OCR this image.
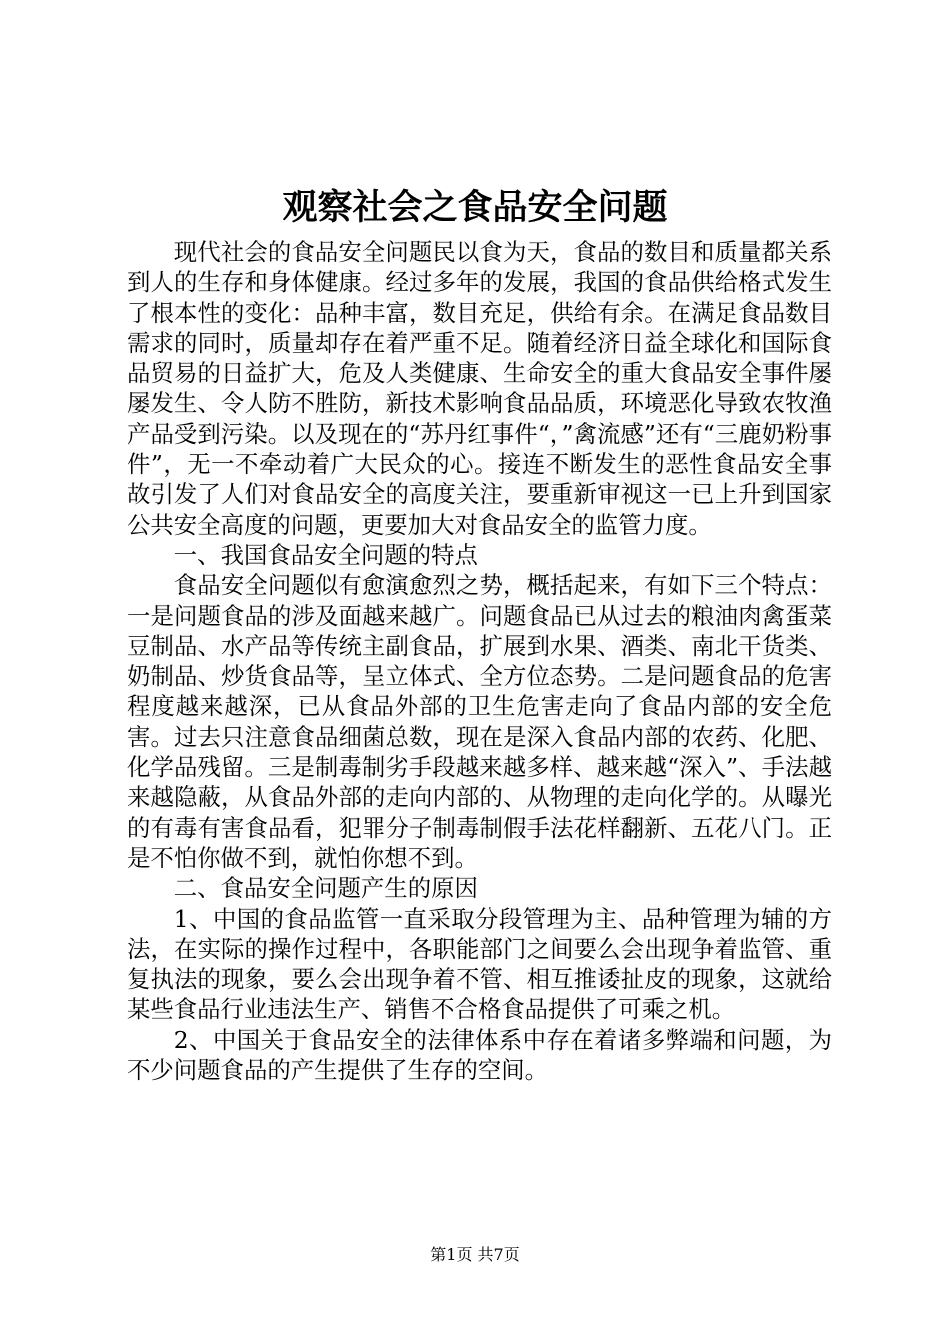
观察社会之食品安全问题

现代社会的食品安全问题民以食为天，食品的数目和质量都关系到人的生存和身体健康。经过多年的发展，我国的食品供给格式发生了根本性的变化：品种丰富，数目充足，供给有余。在满足食品数目需求的同时，质量却存在着严重不足。随着经济日益全球化和国际食品贸易的日益扩大，危及人类健康、生命安全的重大食品安全事件屡屡发生、令人防不胜防，新技术影响食品品质，环境恶化导致农牧渔产品受到污染。以及现在的“苏丹红事件“，”禽流感”还有“三鹿奶粉事件”，无一不牵动着广大民众的心。接连不断发生的恶性食品安全事故引发了人们对食品安全的高度关注，要重新审视这一已上升到国家公共安全高度的问题，更要加大对食品安全的监管力度。

一、我国食品安全问题的特点

食品安全问题似有愈演愈烈之势，概括起来，有如下三个特点：一是问题食品的涉及面越来越广。问题食品已从过去的粮油肉禽蛋菜豆制品、水产品等传统主副食品，扩展到水果、酒类、南北干货类、奶制品、炒货食品等，呈立体式、全方位态势。二是问题食品的危害程度越来越深，已从食品外部的卫生危害走向了食品内部的安全危害。过去只注意食品细菌总数，现在是深入食品内部的农药、化肥、化学品残留。三是制毒制劣手段越来越多样、越来越“深入”、手法越来越隐蔽，从食品外部的走向内部的、从物理的走向化学的。从曝光的有毒有害食品看，犯罪分子制毒制假手法花样翻新、五花八门。正是不怕你做不到，就怕你想不到。

二、食品安全问题产生的原因

1、中国的食品监管一直采取分段管理为主、品种管理为辅的方法，在实际的操作过程中，各职能部门之间要么会出现争着监管、重复执法的现象，要么会出现争着不管、相互推诿扯皮的现象，这就给某些食品行业违法生产、销售不合格食品提供了可乘之机。

2、中国关于食品安全的法律体系中存在着诸多弊端和问题，为不少问题食品的产生提供了生存的空间。

第1页 共7页
